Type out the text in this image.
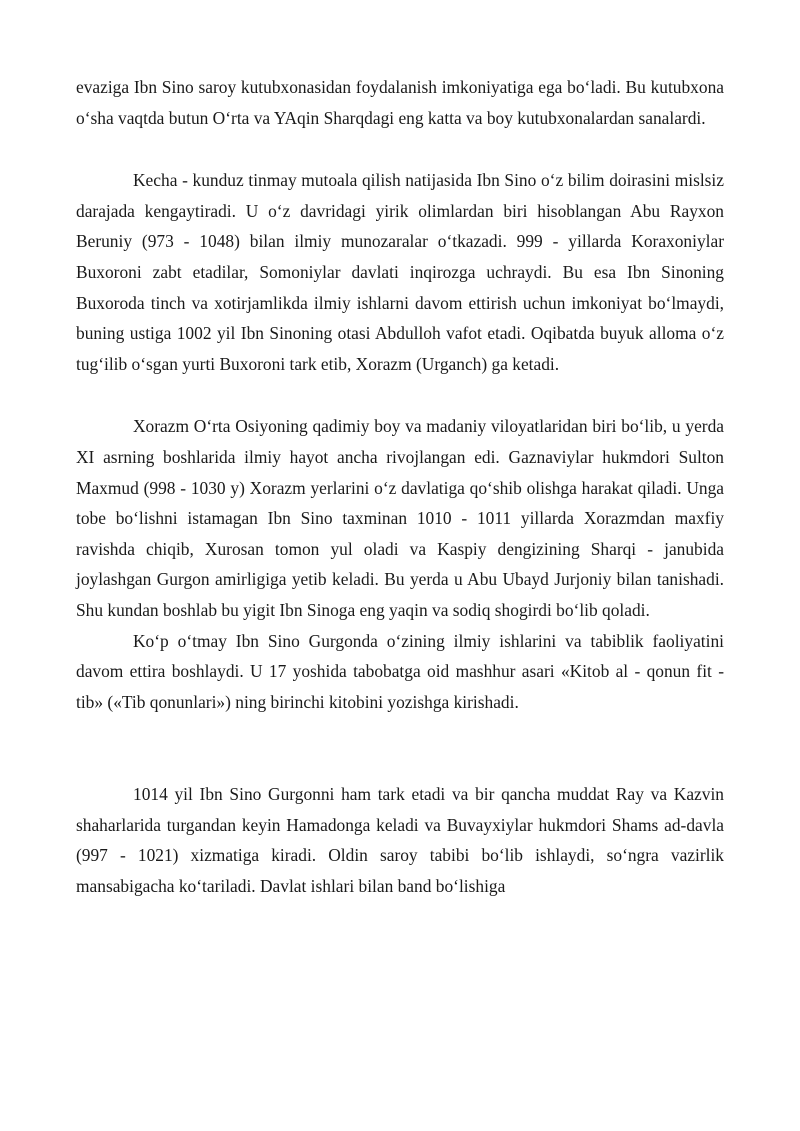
evaziga Ibn Sino saroy kutubxonasidan foydalanish imkoniyatiga ega bo‘ladi. Bu kutubxona o‘sha vaqtda butun O‘rta va YAqin Sharqdagi eng katta va boy kutubxonalardan sanalardi.

Kecha - kunduz tinmay mutoala qilish natijasida Ibn Sino o‘z bilim doirasini mislsiz darajada kengaytiradi. U o‘z davridagi yirik olimlardan biri hisoblangan Abu Rayxon Beruniy (973 - 1048) bilan ilmiy munozaralar o‘tkazadi. 999 - yillarda Koraxoniylar Buxoroni zabt etadilar, Somoniylar davlati inqirozga uchraydi. Bu esa Ibn Sinoning Buxoroda tinch va xotirjamlikda ilmiy ishlarni davom ettirish uchun imkoniyat bo‘lmaydi, buning ustiga 1002 yil Ibn Sinoning otasi Abdulloh vafot etadi. Oqibatda buyuk alloma o‘z tug‘ilib o‘sgan yurti Buxoroni tark etib, Xorazm (Urganch) ga ketadi.

Xorazm O‘rta Osiyoning qadimiy boy va madaniy viloyatlaridan biri bo‘lib, u yerda XI asrning boshlarida ilmiy hayot ancha rivojlangan edi. Gaznaviylar hukmdori Sulton Maxmud (998 - 1030 y) Xorazm yerlarini o‘z davlatiga qo‘shib olishga harakat qiladi. Unga tobe bo‘lishni istamagan Ibn Sino taxminan 1010 - 1011 yillarda Xorazmdan maxfiy ravishda chiqib, Xurosan tomon yul oladi va Kaspiy dengizining Sharqi - janubida joylashgan Gurgon amirligiga yetib keladi. Bu yerda u Abu Ubayd Jurjoniy bilan tanishadi. Shu kundan boshlab bu yigit Ibn Sinoga eng yaqin va sodiq shogirdi bo‘lib qoladi.

Ko‘p o‘tmay Ibn Sino Gurgonda o‘zining ilmiy ishlarini va tabiblik faoliyatini davom ettira boshlaydi. U 17 yoshida tabobatga oid mashhur asari «Kitob al - qonun fit - tib» («Tib qonunlari») ning birinchi kitobini yozishga kirishadi.

1014 yil Ibn Sino Gurgonni ham tark etadi va bir qancha muddat Ray va Kazvin shaharlarida turgandan keyin Hamadonga keladi va Buvayxiylar hukmdori Shams ad-davla (997 - 1021) xizmatiga kiradi. Oldin saroy tabibi bo‘lib ishlaydi, so‘ngra vazirlik mansabigacha ko‘tariladi. Davlat ishlari bilan band bo‘lishiga
